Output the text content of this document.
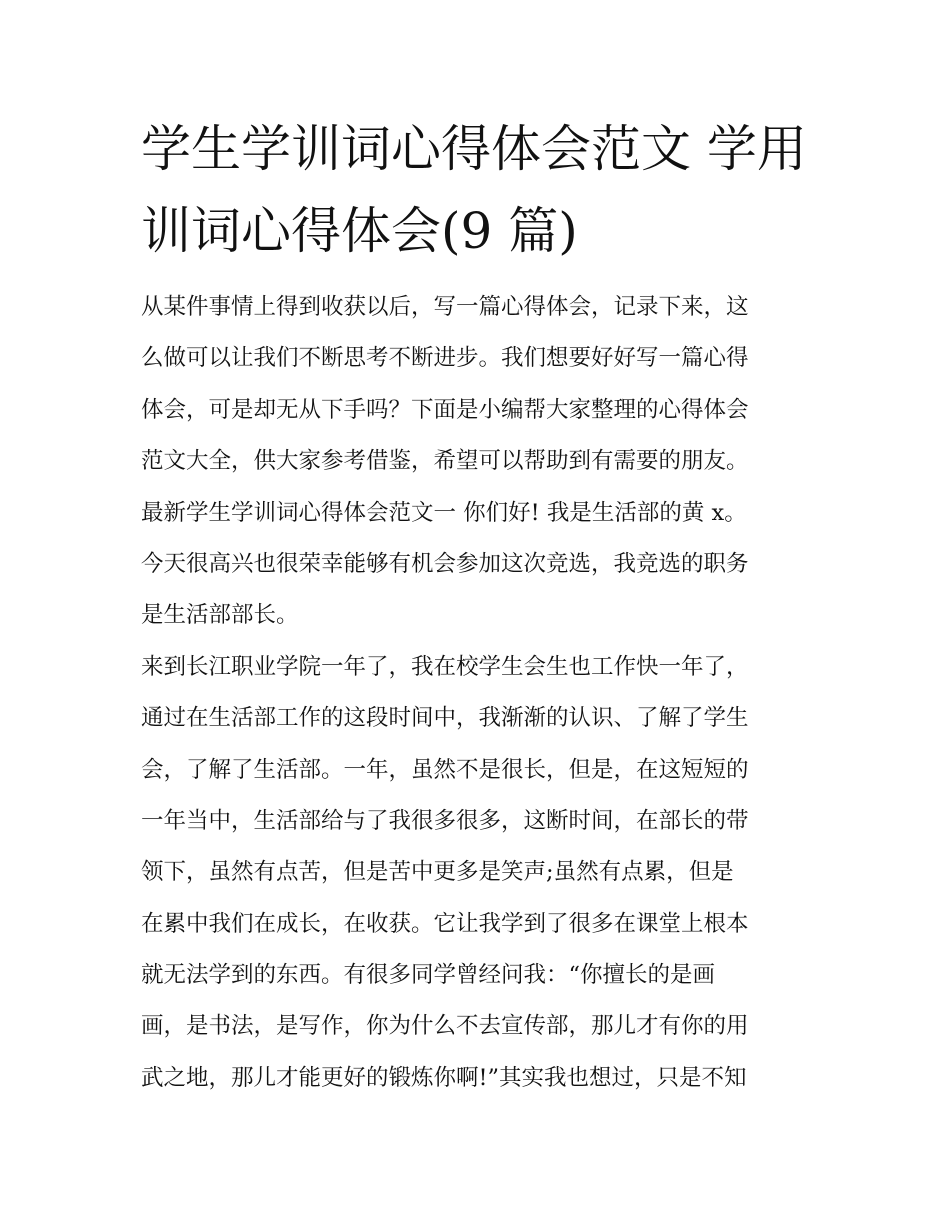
学生学训词心得体会范文 学用
训词心得体会(9 篇)
从某件事情上得到收获以后，写一篇心得体会，记录下来，这
么做可以让我们不断思考不断进步。我们想要好好写一篇心得
体会，可是却无从下手吗？下面是小编帮大家整理的心得体会
范文大全，供大家参考借鉴，希望可以帮助到有需要的朋友。
最新学生学训词心得体会范文一 你们好! 我是生活部的黄 x。
今天很高兴也很荣幸能够有机会参加这次竞选，我竞选的职务
是生活部部长。
来到长江职业学院一年了，我在校学生会生也工作快一年了，
通过在生活部工作的这段时间中，我渐渐的认识、了解了学生
会，了解了生活部。一年，虽然不是很长，但是，在这短短的
一年当中，生活部给与了我很多很多，这断时间，在部长的带
领下，虽然有点苦，但是苦中更多是笑声;虽然有点累，但是
在累中我们在成长，在收获。它让我学到了很多在课堂上根本
就无法学到的东西。有很多同学曾经问我：“你擅长的是画
画，是书法，是写作，你为什么不去宣传部，那儿才有你的用
武之地，那儿才能更好的锻炼你啊!”其实我也想过，只是不知
